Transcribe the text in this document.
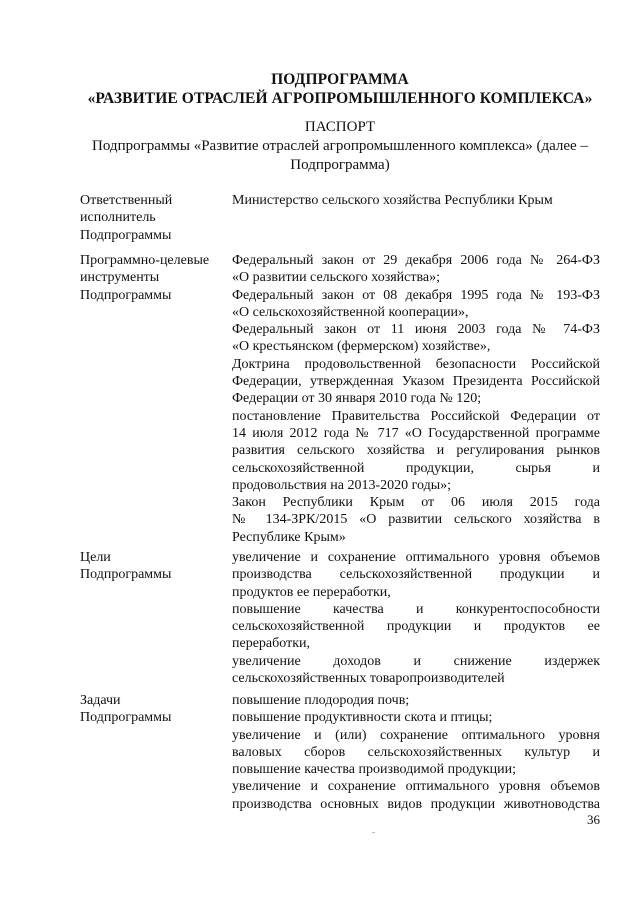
ПОДПРОГРАММА
«РАЗВИТИЕ ОТРАСЛЕЙ АГРОПРОМЫШЛЕННОГО КОМПЛЕКСА»
ПАСПОРТ
Подпрограммы «Развитие отраслей агропромышленного комплекса» (далее –
Подпрограмма)
Ответственный
исполнитель
Подпрограммы
Министерство сельского хозяйства Республики Крым
Программно-целевые
инструменты
Подпрограммы
Федеральный закон от 29 декабря 2006 года № 264-ФЗ
«О развитии сельского хозяйства»;
Федеральный закон от 08 декабря 1995 года № 193-ФЗ
«О сельскохозяйственной кооперации»,
Федеральный закон от 11 июня 2003 года № 74-ФЗ
«О крестьянском (фермерском) хозяйстве»,
Доктрина продовольственной безопасности Российской
Федерации, утвержденная Указом Президента Российской
Федерации от 30 января 2010 года № 120;
постановление Правительства Российской Федерации от
14 июля 2012 года № 717 «О Государственной программе
развития сельского хозяйства и регулирования рынков
сельскохозяйственной продукции, сырья и
продовольствия на 2013-2020 годы»;
Закон Республики Крым от 06 июля 2015 года
№ 134-ЗРК/2015 «О развитии сельского хозяйства в
Республике Крым»
Цели
Подпрограммы
увеличение и сохранение оптимального уровня объемов
производства сельскохозяйственной продукции и
продуктов ее переработки,
повышение качества и конкурентоспособности
сельскохозяйственной продукции и продуктов ее
переработки,
увеличение доходов и снижение издержек
сельскохозяйственных товаропроизводителей
Задачи
Подпрограммы
повышение плодородия почв;
повышение продуктивности скота и птицы;
увеличение и (или) сохранение оптимального уровня
валовых сборов сельскохозяйственных культур и
повышение качества производимой продукции;
увеличение и сохранение оптимального уровня объемов
производства основных видов продукции животноводства
36
